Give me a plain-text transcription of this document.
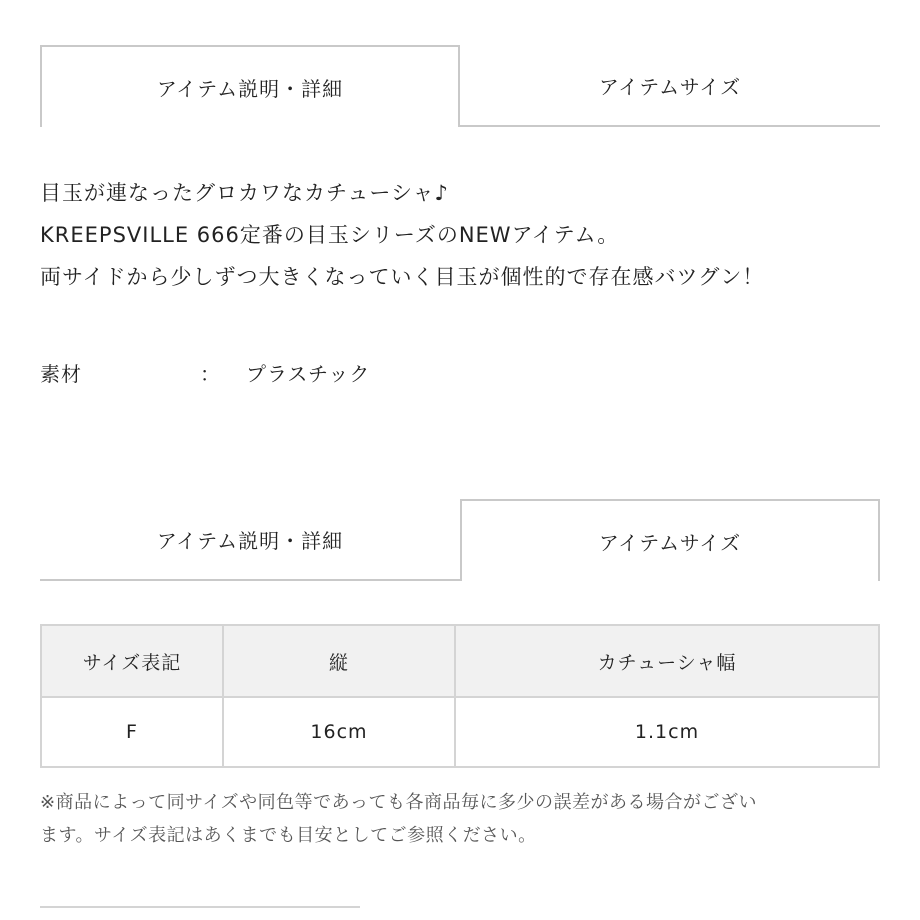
アイテム説明・詳細	アイテムサイズ
目玉が連なったグロカワなカチューシャ♪
KREEPSVILLE 666定番の目玉シリーズのNEWアイテム。
両サイドから少しずつ大きくなっていく目玉が個性的で存在感バツグン！
素材	： プラスチック
アイテム説明・詳細	アイテムサイズ
サイズ表記	縦	カチューシャ幅
F	16cm	1.1cm
※商品によって同サイズや同色等であっても各商品毎に多少の誤差がある場合がござい
ます。サイズ表記はあくまでも目安としてご参照ください。
